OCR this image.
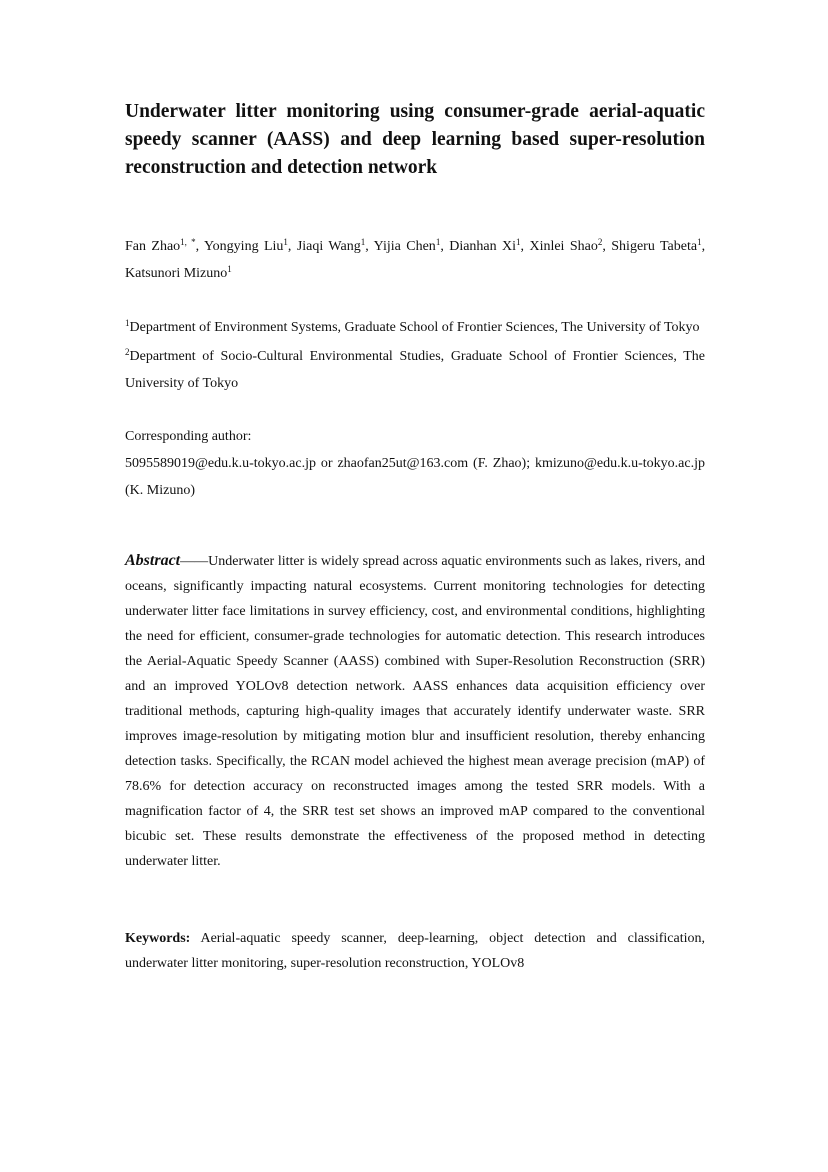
Underwater litter monitoring using consumer-grade aerial-aquatic speedy scanner (AASS) and deep learning based super-resolution reconstruction and detection network

Fan Zhao$^{1, *}$, Yongying Liu$^1$, Jiaqi Wang$^1$, Yijia Chen$^1$, Dianhan Xi$^1$, Xinlei Shao$^2$, Shigeru Tabeta$^1$, Katsunori Mizuno$^1$

$^1$Department of Environment Systems, Graduate School of Frontier Sciences, The University of Tokyo

$^2$Department of Socio-Cultural Environmental Studies, Graduate School of Frontier Sciences, The University of Tokyo

Corresponding author:

5095589019@edu.k.u-tokyo.ac.jp or zhaofan25ut@163.com (F. Zhao); kmizuno@edu.k.u-tokyo.ac.jp (K. Mizuno)

Abstract——Underwater litter is widely spread across aquatic environments such as lakes, rivers, and oceans, significantly impacting natural ecosystems. Current monitoring technologies for detecting underwater litter face limitations in survey efficiency, cost, and environmental conditions, highlighting the need for efficient, consumer-grade technologies for automatic detection. This research introduces the Aerial-Aquatic Speedy Scanner (AASS) combined with Super-Resolution Reconstruction (SRR) and an improved YOLOv8 detection network. AASS enhances data acquisition efficiency over traditional methods, capturing high-quality images that accurately identify underwater waste. SRR improves image-resolution by mitigating motion blur and insufficient resolution, thereby enhancing detection tasks. Specifically, the RCAN model achieved the highest mean average precision (mAP) of 78.6% for detection accuracy on reconstructed images among the tested SRR models. With a magnification factor of 4, the SRR test set shows an improved mAP compared to the conventional bicubic set. These results demonstrate the effectiveness of the proposed method in detecting underwater litter.

Keywords: Aerial-aquatic speedy scanner, deep-learning, object detection and classification, underwater litter monitoring, super-resolution reconstruction, YOLOv8
